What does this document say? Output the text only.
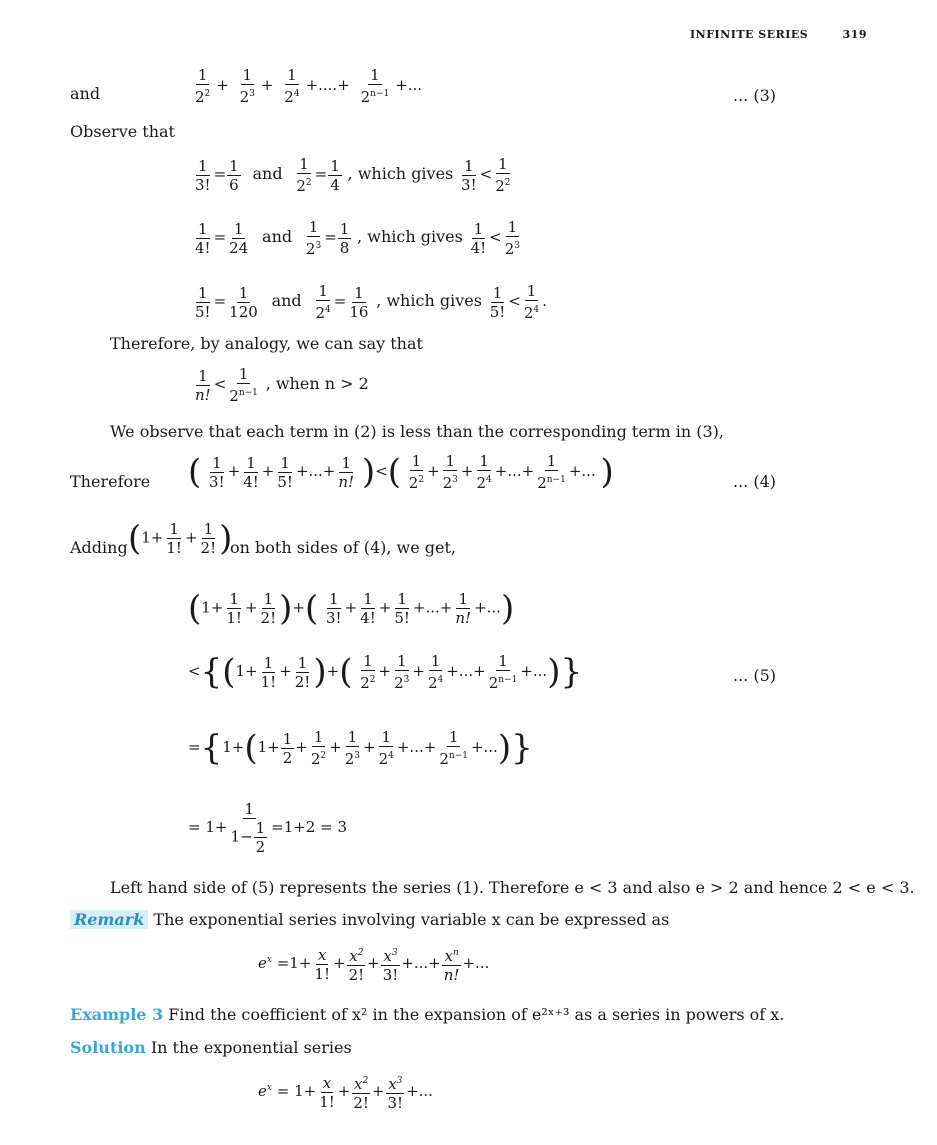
INFINITE SERIES	319
and	$\frac{1}{2^2} + \frac{1}{2^3} + \frac{1}{2^4}$ +....+ $\frac{1}{2^{n-1}}$ +...
... (3)
Observe that
$\frac{1}{3!} = \frac{1}{6}$ and $\frac{1}{2^2} = \frac{1}{4}$ , which gives $\frac{1}{3!} < \frac{1}{2^2}$
$\frac{1}{4!} = \frac{1}{24}$ and $\frac{1}{2^3} = \frac{1}{8}$ , which gives $\frac{1}{4!} < \frac{1}{2^3}$
$\frac{1}{5!} = \frac{1}{120}$ and $\frac{1}{2^4} = \frac{1}{16}$ , which gives $\frac{1}{5!} < \frac{1}{2^4}$ .
Therefore, by analogy, we can say that
$\frac{1}{n!} < \frac{1}{2^{n-1}}$ , when n > 2
We observe that each term in (2) is less than the corresponding term in (3),
Therefore ( $\frac{1}{3!} + \frac{1}{4!} + \frac{1}{5!}$ +...+ $\frac{1}{n!}$ )<( $\frac{1}{2^2} + \frac{1}{2^3} + \frac{1}{2^4}$ +...+ $\frac{1}{2^{n-1}}$ +... )	... (4)
Adding ($1+ \frac{1}{1!} + \frac{1}{2!}$ )
on both sides of (4), we get,
($1+ \frac{1}{1!} + \frac{1}{2!}$ )+( $\frac{1}{3!} + \frac{1}{4!} + \frac{1}{5!}$ +...+ $\frac{1}{n!}$ +...)
$<\{(1+ \frac{1}{1!} + \frac{1}{2!}$ )+( $\frac{1}{2^2} + \frac{1}{2^3} + \frac{1}{2^4}$ +...+ $\frac{1}{2^{n-1}}$ +...)}	... (5)
$=\{1+(1+ \frac{1}{2} + \frac{1}{2^2} + \frac{1}{2^3} + \frac{1}{2^4}$ +...+ $\frac{1}{2^{n-1}}$ +...)}
= $1+ \frac{1}{1- \frac{1}{2}} =1+2 = 3$
Left hand side of (5) represents the series (1). Therefore e < 3 and also e > 2 and hence 2 < e < 3.
Remark The exponential series involving variable x can be expressed as
$e^x =1+ \frac{x}{1!} + \frac{x^2}{2!} + \frac{x^3}{3!}$ +...+ $\frac{x^n}{n!}$ +...
Example 3 Find the coefficient of x² in the expansion of e²ˣ⁺³ as a series in powers of x.
Solution In the exponential series
$e^x = 1+ \frac{x}{1!} + \frac{x^2}{2!} + \frac{x^3}{3!}$ +...
